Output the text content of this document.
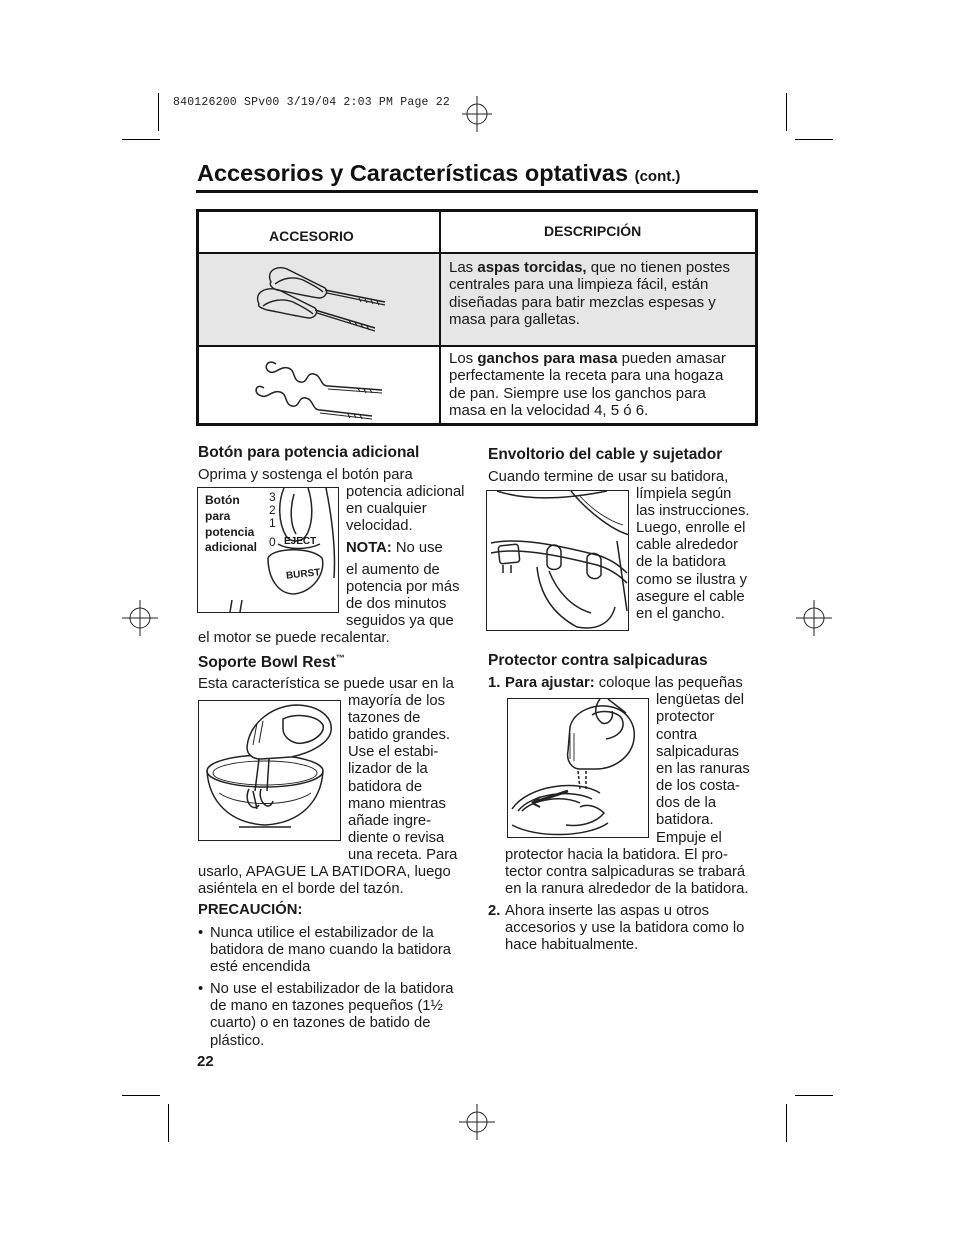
840126200 SPv00 3/19/04 2:03 PM Page 22
Accesorios y Características optativas (cont.)
ACCESORIO	DESCRIPCIÓN
Las aspas torcidas, que no tienen postes
centrales para una limpieza fácil, están
diseñadas para batir mezclas espesas y
masa para galletas.
Los ganchos para masa pueden amasar
perfectamente la receta para una hogaza
de pan. Siempre use los ganchos para
masa en la velocidad 4, 5 ó 6.
Botón para potencia adicional
Oprima y sostenga el botón para
Botón
para
potencia
adicional
3
2
1
0 EJECT
BURST
potencia adicional
en cualquier
velocidad.
NOTA: No use
el aumento de
potencia por más
de dos minutos
seguidos ya que
el motor se puede recalentar.
Soporte Bowl Rest™
Esta característica se puede usar en la
mayoría de los
tazones de
batido grandes.
Use el estabi-
lizador de la
batidora de
mano mientras
añade ingre-
diente o revisa
una receta. Para
usarlo, APAGUE LA BATIDORA, luego
asiéntela en el borde del tazón.
PRECAUCIÓN:
• Nunca utilice el estabilizador de la
batidora de mano cuando la batidora
esté encendida
• No use el estabilizador de la batidora
de mano en tazones pequeños (1½
cuarto) o en tazones de batido de
plástico.
22
Envoltorio del cable y sujetador
Cuando termine de usar su batidora,
límpiela según
las instrucciones.
Luego, enrolle el
cable alrededor
de la batidora
como se ilustra y
asegure el cable
en el gancho.
Protector contra salpicaduras
1. Para ajustar: coloque las pequeñas
lengüetas del
protector
contra
salpicaduras
en las ranuras
de los costa-
dos de la
batidora.
Empuje el
protector hacia la batidora. El pro-
tector contra salpicaduras se trabará
en la ranura alrededor de la batidora.
2. Ahora inserte las aspas u otros
accesorios y use la batidora como lo
hace habitualmente.
